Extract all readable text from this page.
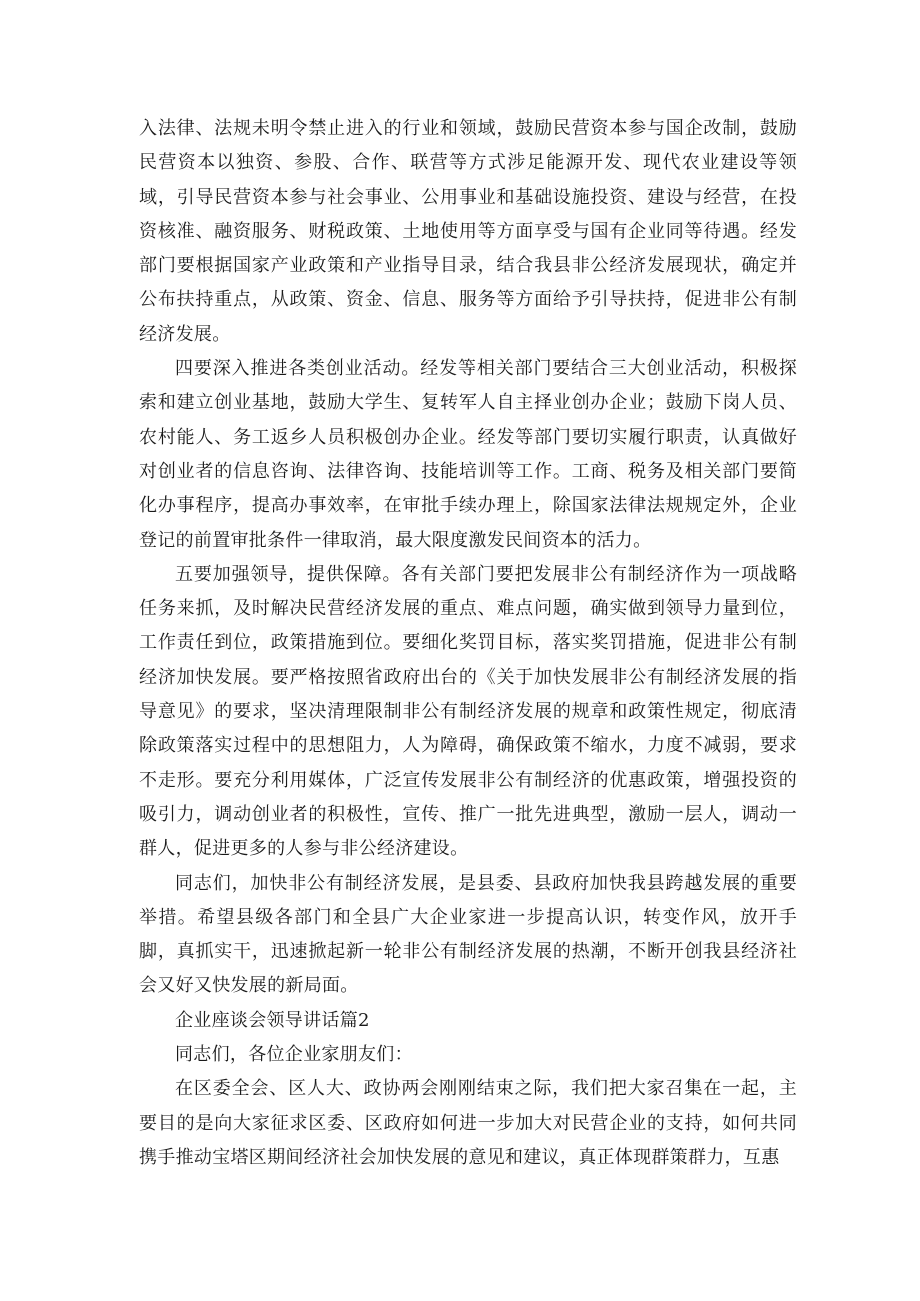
入法律、法规未明令禁止进入的行业和领域，鼓励民营资本参与国企改制，鼓励民营资本以独资、参股、合作、联营等方式涉足能源开发、现代农业建设等领域，引导民营资本参与社会事业、公用事业和基础设施投资、建设与经营，在投资核准、融资服务、财税政策、土地使用等方面享受与国有企业同等待遇。经发部门要根据国家产业政策和产业指导目录，结合我县非公经济发展现状，确定并公布扶持重点，从政策、资金、信息、服务等方面给予引导扶持，促进非公有制经济发展。

四要深入推进各类创业活动。经发等相关部门要结合三大创业活动，积极探索和建立创业基地，鼓励大学生、复转军人自主择业创办企业；鼓励下岗人员、农村能人、务工返乡人员积极创办企业。经发等部门要切实履行职责，认真做好对创业者的信息咨询、法律咨询、技能培训等工作。工商、税务及相关部门要简化办事程序，提高办事效率，在审批手续办理上，除国家法律法规规定外，企业登记的前置审批条件一律取消，最大限度激发民间资本的活力。

五要加强领导，提供保障。各有关部门要把发展非公有制经济作为一项战略任务来抓，及时解决民营经济发展的重点、难点问题，确实做到领导力量到位，工作责任到位，政策措施到位。要细化奖罚目标，落实奖罚措施，促进非公有制经济加快发展。要严格按照省政府出台的《关于加快发展非公有制经济发展的指导意见》的要求，坚决清理限制非公有制经济发展的规章和政策性规定，彻底清除政策落实过程中的思想阻力，人为障碍，确保政策不缩水，力度不减弱，要求不走形。要充分利用媒体，广泛宣传发展非公有制经济的优惠政策，增强投资的吸引力，调动创业者的积极性，宣传、推广一批先进典型，激励一层人，调动一群人，促进更多的人参与非公经济建设。

同志们，加快非公有制经济发展，是县委、县政府加快我县跨越发展的重要举措。希望县级各部门和全县广大企业家进一步提高认识，转变作风，放开手脚，真抓实干，迅速掀起新一轮非公有制经济发展的热潮，不断开创我县经济社会又好又快发展的新局面。

企业座谈会领导讲话篇2

同志们，各位企业家朋友们：

在区委全会、区人大、政协两会刚刚结束之际，我们把大家召集在一起，主要目的是向大家征求区委、区政府如何进一步加大对民营企业的支持，如何共同携手推动宝塔区期间经济社会加快发展的意见和建议，真正体现群策群力，互惠
